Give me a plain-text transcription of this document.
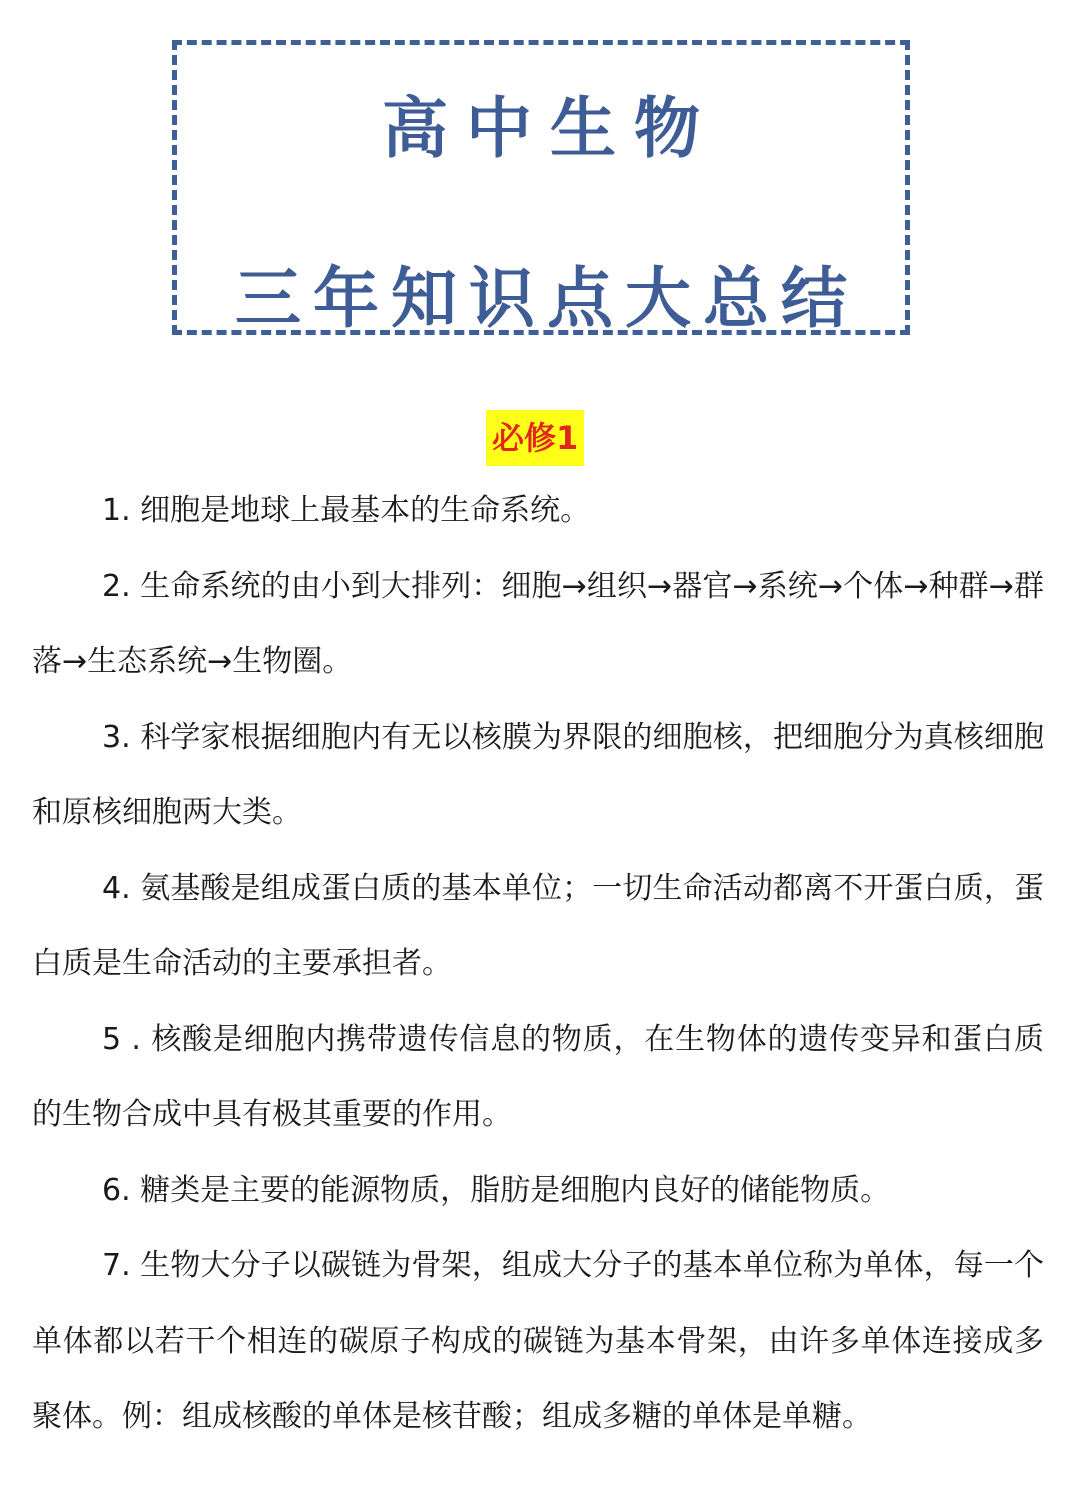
高中生物
三年知识点大总结
必修1

1. 细胞是地球上最基本的生命系统。

2. 生命系统的由小到大排列：细胞→组织→器官→系统→个体→种群→群落→生态系统→生物圈。

3. 科学家根据细胞内有无以核膜为界限的细胞核，把细胞分为真核细胞和原核细胞两大类。

4. 氨基酸是组成蛋白质的基本单位；一切生命活动都离不开蛋白质，蛋白质是生命活动的主要承担者。

5 . 核酸是细胞内携带遗传信息的物质，在生物体的遗传变异和蛋白质的生物合成中具有极其重要的作用。

6. 糖类是主要的能源物质，脂肪是细胞内良好的储能物质。

7. 生物大分子以碳链为骨架，组成大分子的基本单位称为单体，每一个单体都以若干个相连的碳原子构成的碳链为基本骨架，由许多单体连接成多聚体。例：组成核酸的单体是核苷酸；组成多糖的单体是单糖。
